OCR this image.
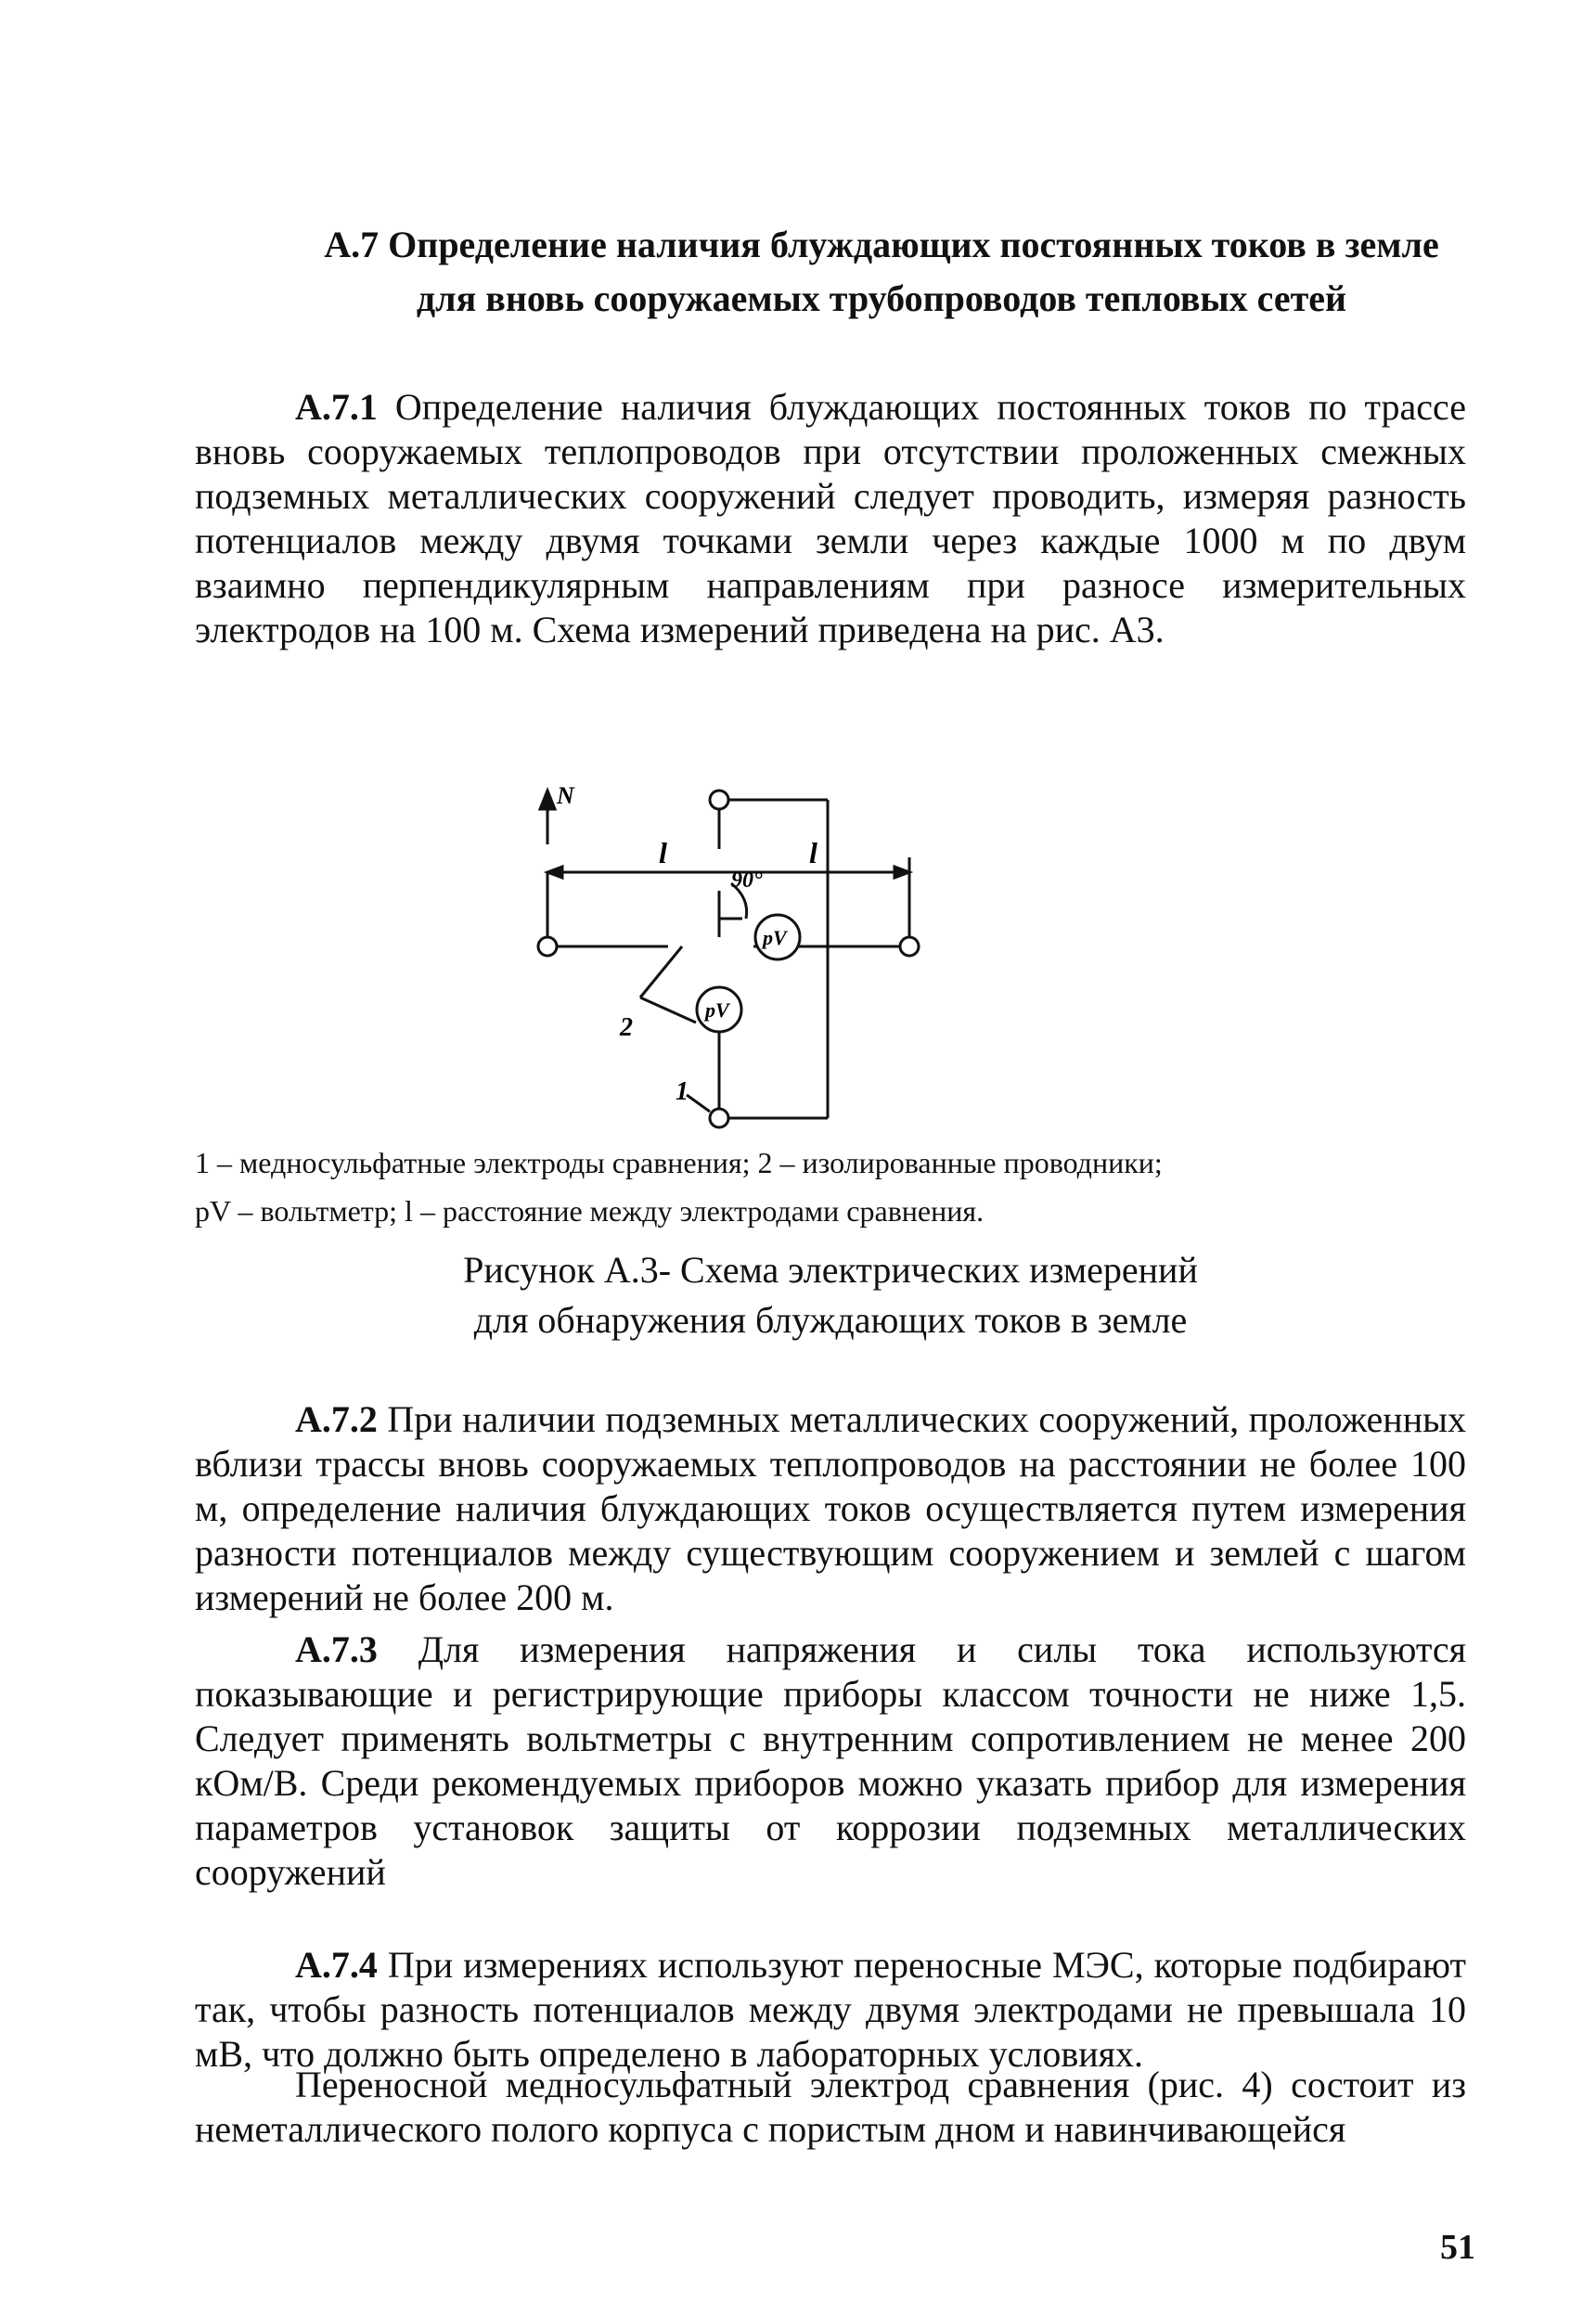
А.7 Определение наличия блуждающих постоянных токов в земле
для вновь сооружаемых трубопроводов тепловых сетей
А.7.1 Определение наличия блуждающих постоянных токов по трассе вновь сооружаемых теплопроводов при отсутствии проложенных смежных подземных металлических сооружений следует проводить, измеряя разность потенциалов между двумя точками земли через каждые 1000 м по двум взаимно перпендикулярным направлениям при разносе измерительных электродов на 100 м. Схема измерений приведена на рис. А3.
N
l	l
90°
pV
pV
2
1
1 – медносульфатные электроды сравнения; 2 – изолированные проводники;
pV – вольтметр; l – расстояние между электродами сравнения.
Рисунок А.3- Схема электрических измерений
для обнаружения блуждающих токов в земле
А.7.2 При наличии подземных металлических сооружений, проложенных вблизи трассы вновь сооружаемых теплопроводов на расстоянии не более 100 м, определение наличия блуждающих токов осуществляется путем измерения разности потенциалов между существующим сооружением и землей с шагом измерений не более 200 м.
А.7.3 Для измерения напряжения и силы тока используются показывающие и регистрирующие приборы классом точности не ниже 1,5. Следует применять вольтметры с внутренним сопротивлением не менее 200 кОм/В. Среди рекомендуемых приборов можно указать прибор для измерения параметров установок защиты от коррозии подземных металлических сооружений
А.7.4 При измерениях используют переносные МЭС, которые подбирают так, чтобы разность потенциалов между двумя электродами не превышала 10 мВ, что должно быть определено в лабораторных условиях.
Переносной медносульфатный электрод сравнения (рис. 4) состоит из неметаллического полого корпуса с пористым дном и навинчивающейся
51
